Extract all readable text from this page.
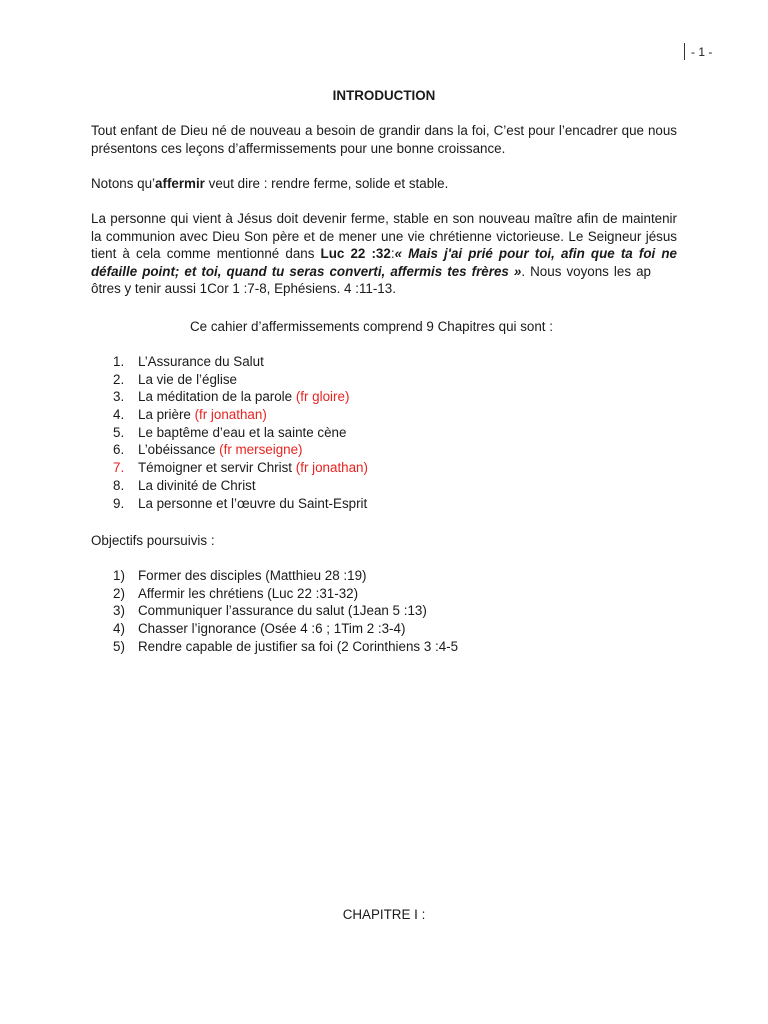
- 1 -
INTRODUCTION

Tout enfant de Dieu né de nouveau a besoin de grandir dans la foi, C’est pour l’encadrer que nous présentons ces leçons d’affermissements pour une bonne croissance.

Notons qu’affermir veut dire : rendre ferme, solide et stable.

La personne qui vient à Jésus doit devenir ferme, stable en son nouveau maître afin de maintenir la communion avec Dieu Son père et de mener une vie chrétienne victorieuse. Le Seigneur jésus tient à cela comme mentionné dans Luc 22 :32:« Mais j'ai prié pour toi, afin que ta foi ne défaille point; et toi, quand tu seras converti, affermis tes frères ». Nous voyons les apôtres y tenir aussi 1Cor 1 :7-8, Ephésiens. 4 :11-13.

Ce cahier d’affermissements comprend 9 Chapitres qui sont :

1. L’Assurance du Salut
2. La vie de l’église
3. La méditation de la parole (fr gloire)
4. La prière (fr jonathan)
5. Le baptême d’eau et la sainte cène
6. L’obéissance (fr merseigne)
7. Témoigner et servir Christ (fr jonathan)
8. La divinité de Christ
9. La personne et l’œuvre du Saint-Esprit
Objectifs poursuivis :
1) Former des disciples (Matthieu 28 :19)
2) Affermir les chrétiens (Luc 22 :31-32)
3) Communiquer l’assurance du salut (1Jean 5 :13)
4) Chasser l’ignorance (Osée 4 :6 ; 1Tim 2 :3-4)
5) Rendre capable de justifier sa foi (2 Corinthiens 3 :4-5
CHAPITRE I :
